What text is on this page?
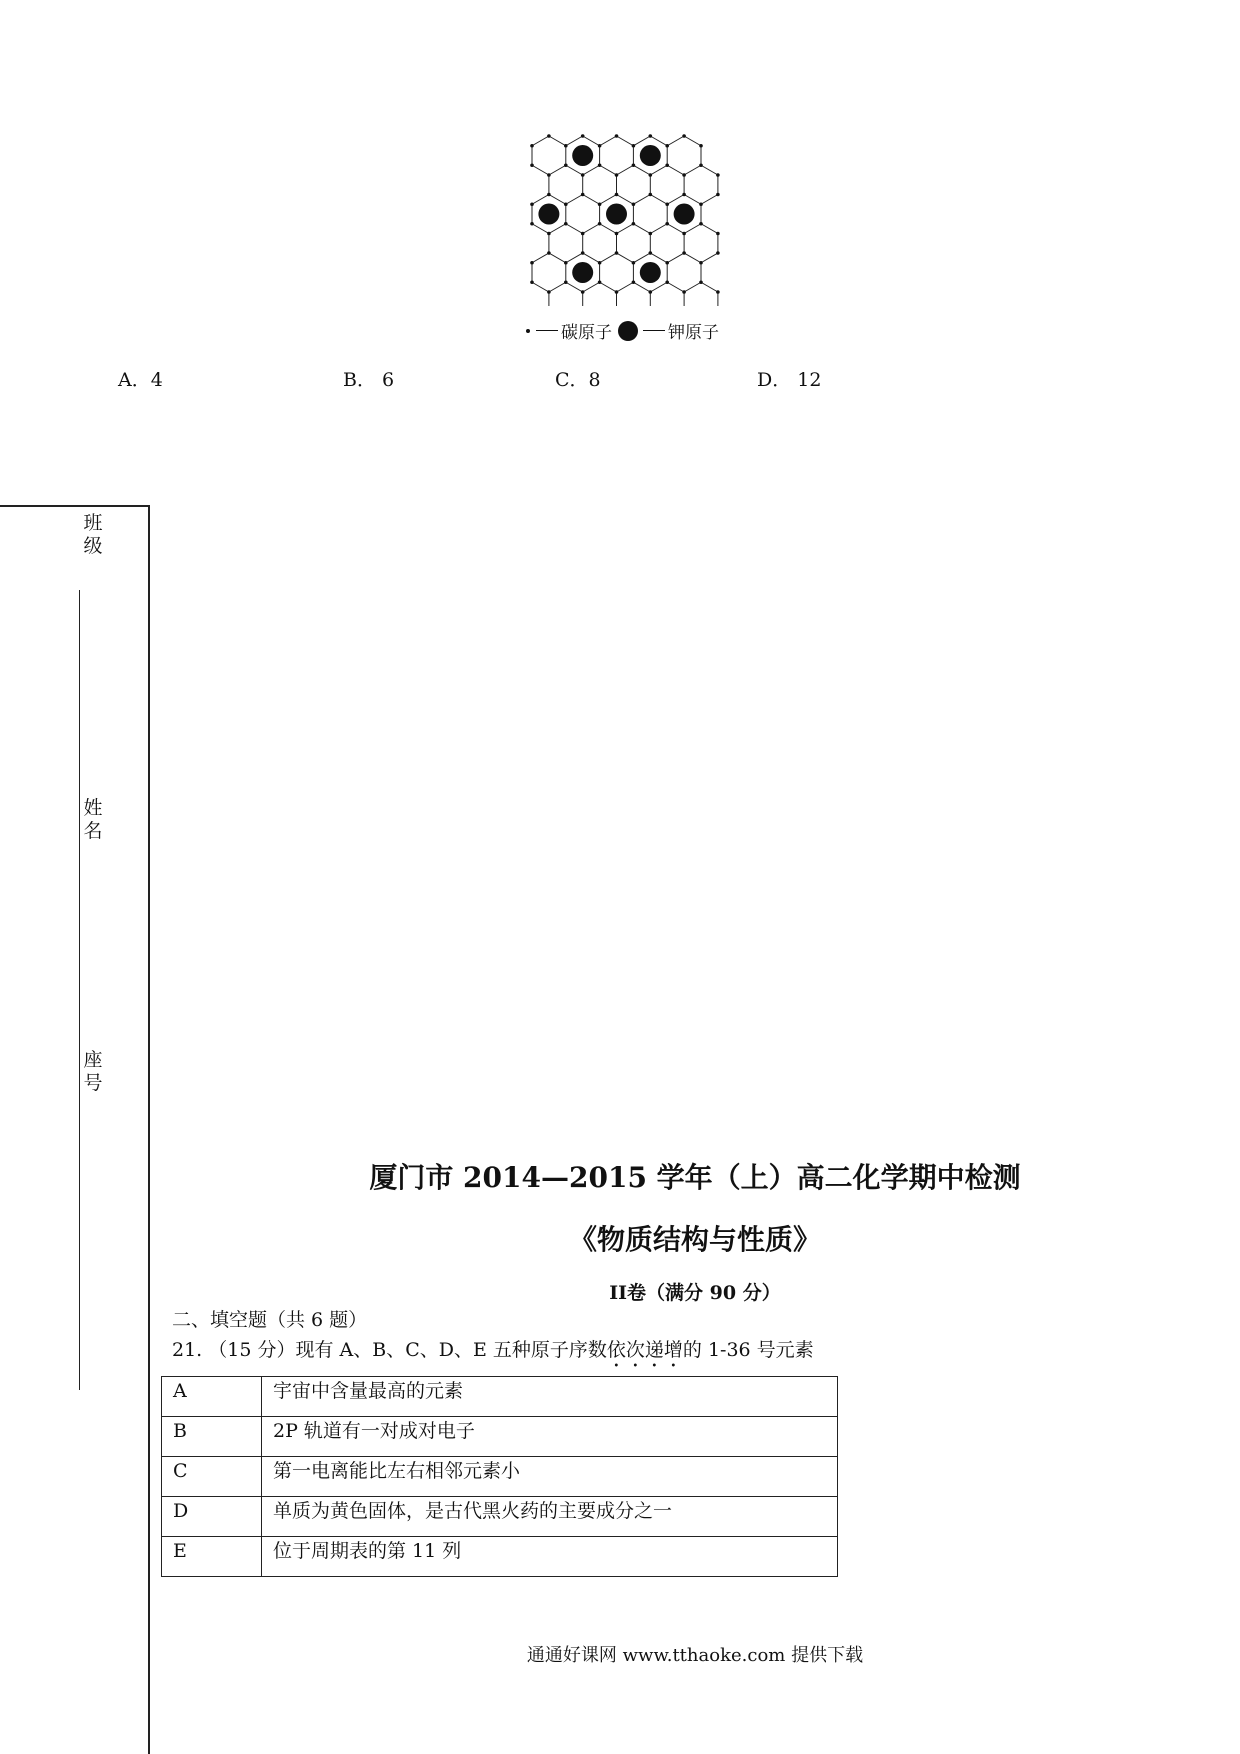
碳原子	钾原子
A．4	B． 6	C．8	D． 12
班级
姓名
座号
厦门市 2014—2015 学年（上）高二化学期中检测
《物质结构与性质》
II卷（满分 90 分）
二、填空题（共 6 题）
21. （15 分）现有 A、B、C、D、E 五种原子序数依次递增的 1-36 号元素
A	宇宙中含量最高的元素
B	2P 轨道有一对成对电子
C	第一电离能比左右相邻元素小
D	单质为黄色固体，是古代黑火药的主要成分之一
E	位于周期表的第 11 列
通通好课网 www.tthaoke.com 提供下载
